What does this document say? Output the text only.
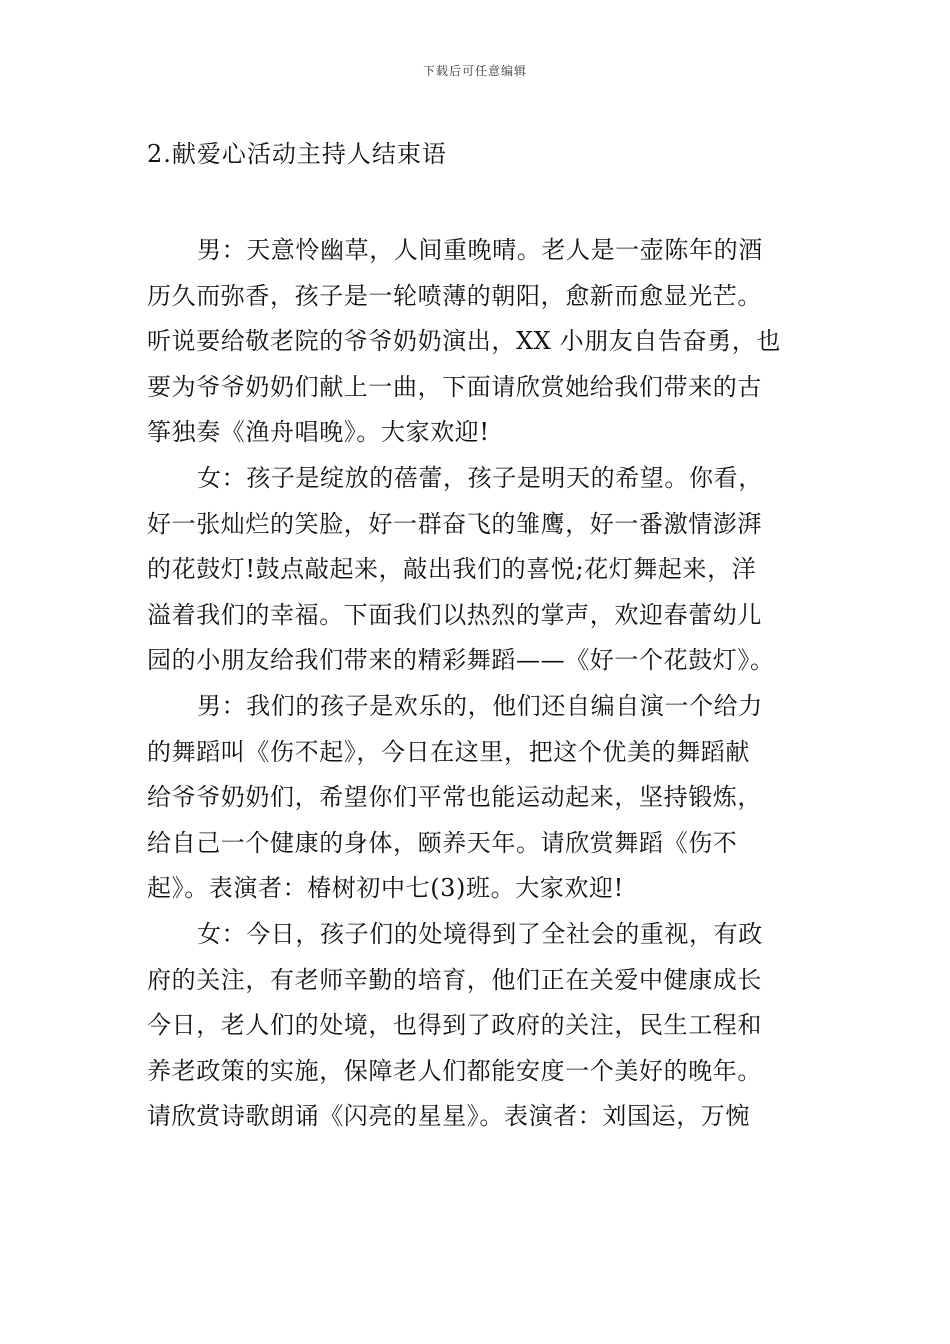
下载后可任意编辑
2.献爱心活动主持人结束语
男：天意怜幽草，人间重晚晴。老人是一壶陈年的酒
历久而弥香，孩子是一轮喷薄的朝阳，愈新而愈显光芒。
听说要给敬老院的爷爷奶奶演出，XX 小朋友自告奋勇，也
要为爷爷奶奶们献上一曲，下面请欣赏她给我们带来的古
筝独奏《渔舟唱晚》。大家欢迎!
女：孩子是绽放的蓓蕾，孩子是明天的希望。你看，
好一张灿烂的笑脸，好一群奋飞的雏鹰，好一番激情澎湃
的花鼓灯!鼓点敲起来，敲出我们的喜悦;花灯舞起来，洋
溢着我们的幸福。下面我们以热烈的掌声，欢迎春蕾幼儿
园的小朋友给我们带来的精彩舞蹈——《好一个花鼓灯》。
男：我们的孩子是欢乐的，他们还自编自演一个给力
的舞蹈叫《伤不起》，今日在这里，把这个优美的舞蹈献
给爷爷奶奶们，希望你们平常也能运动起来，坚持锻炼，
给自己一个健康的身体，颐养天年。请欣赏舞蹈《伤不
起》。表演者：椿树初中七(3)班。大家欢迎!
女：今日，孩子们的处境得到了全社会的重视，有政
府的关注，有老师辛勤的培育，他们正在关爱中健康成长
今日，老人们的处境，也得到了政府的关注，民生工程和
养老政策的实施，保障老人们都能安度一个美好的晚年。
请欣赏诗歌朗诵《闪亮的星星》。表演者：刘国运，万惋
